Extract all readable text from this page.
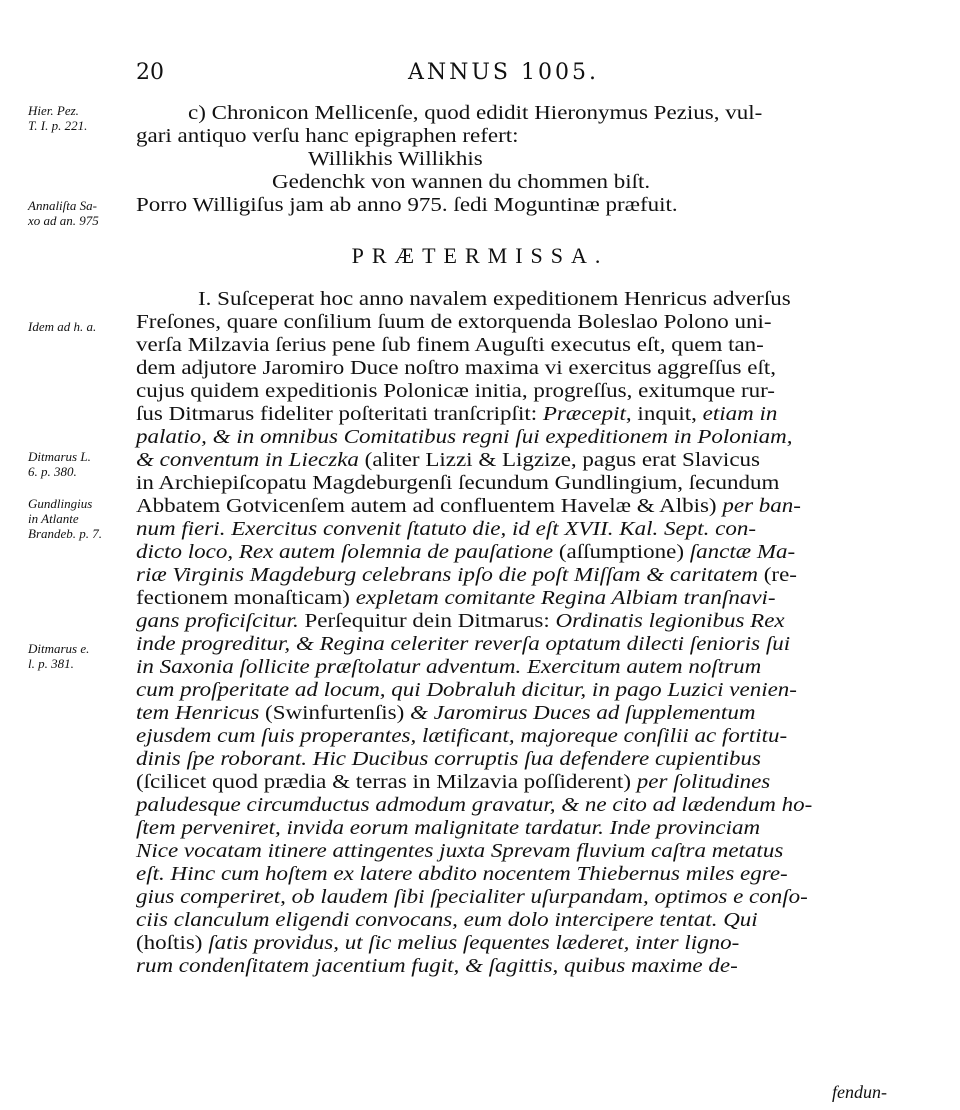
20	ANNUS 1005.
PRÆTERMISSA.
c) Chronicon Mellicenſe, quod edidit Hieronymus Pezius, vul-
gari antiquo verſu hanc epigraphen refert:
Willikhis Willikhis
Gedenchk von wannen du chommen biſt.
Porro Willigiſus jam ab anno 975. ſedi Moguntinæ præfuit.
I. Suſceperat hoc anno navalem expeditionem Henricus adverſus
Freſones, quare conſilium ſuum de extorquenda Boleslao Polono uni-
verſa Milzavia ſerius pene ſub finem Auguſti executus eſt, quem tan-
dem adjutore Jaromiro Duce noſtro maxima vi exercitus aggreſſus eſt,
cujus quidem expeditionis Polonicæ initia, progreſſus, exitumque rur-
ſus Ditmarus fideliter poſteritati tranſcripſit: Præcepit, inquit, etiam in
palatio, & in omnibus Comitatibus regni ſui expeditionem in Poloniam,
& conventum in Lieczka (aliter Lizzi & Ligzize, pagus erat Slavicus
in Archiepiſcopatu Magdeburgenſi ſecundum Gundlingium, ſecundum
Abbatem Gotvicenſem autem ad confluentem Havelæ & Albis) per ban-
num fieri. Exercitus convenit ſtatuto die, id eſt XVII. Kal. Sept. con-
dicto loco, Rex autem ſolemnia de pauſatione (aſſumptione) ſanctæ Ma-
riæ Virginis Magdeburg celebrans ipſo die poſt Miſſam & caritatem (re-
fectionem monaſticam) expletam comitante Regina Albiam tranſnavi-
gans proficiſcitur. Perſequitur dein Ditmarus: Ordinatis legionibus Rex
inde progreditur, & Regina celeriter reverſa optatum dilecti ſenioris ſui
in Saxonia ſollicite præſtolatur adventum. Exercitum autem noſtrum
cum proſperitate ad locum, qui Dobraluh dicitur, in pago Luzici venien-
tem Henricus (Swinfurtenſis) & Jaromirus Duces ad ſupplementum
ejusdem cum ſuis properantes, lætificant, majoreque conſilii ac fortitu-
dinis ſpe roborant. Hic Ducibus corruptis ſua defendere cupientibus
(ſcilicet quod prædia & terras in Milzavia poſſiderent) per ſolitudines
paludesque circumductus admodum gravatur, & ne cito ad lædendum ho-
ſtem perveniret, invida eorum malignitate tardatur. Inde provinciam
Nice vocatam itinere attingentes juxta Sprevam fluvium caſtra metatus
eſt. Hinc cum hoſtem ex latere abdito nocentem Thiebernus miles egre-
gius comperiret, ob laudem ſibi ſpecialiter uſurpandam, optimos e conſo-
ciis clanculum eligendi convocans, eum dolo intercipere tentat. Qui
(hoſtis) ſatis providus, ut ſic melius ſequentes læderet, inter ligno-
rum condenſitatem jacentium fugit, & ſagittis, quibus maxime de-
Hier. Pez.
T. I. p. 221.
Annaliſta Sa-
xo ad an. 975
Idem ad h. a.
Ditmarus L.
6. p. 380.
Gundlingius
in Atlante
Brandeb. p. 7.
Ditmarus e.
l. p. 381.
fendun-
